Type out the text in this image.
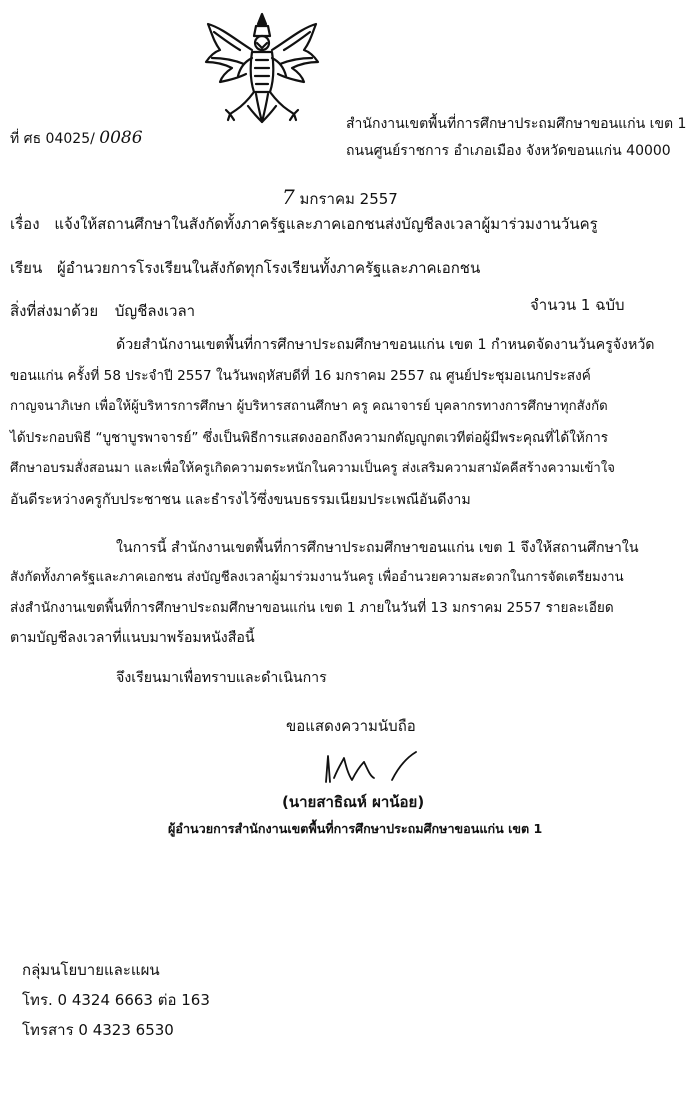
ที่ ศธ 04025/ 0086
สำนักงานเขตพื้นที่การศึกษาประถมศึกษาขอนแก่น เขต 1
ถนนศูนย์ราชการ อำเภอเมือง จังหวัดขอนแก่น 40000
7 มกราคม 2557
เรื่อง แจ้งให้สถานศึกษาในสังกัดทั้งภาครัฐและภาคเอกชนส่งบัญชีลงเวลาผู้มาร่วมงานวันครู
เรียน ผู้อำนวยการโรงเรียนในสังกัดทุกโรงเรียนทั้งภาครัฐและภาคเอกชน
สิ่งที่ส่งมาด้วย บัญชีลงเวลา	จำนวน 1 ฉบับ
ด้วยสำนักงานเขตพื้นที่การศึกษาประถมศึกษาขอนแก่น เขต 1 กำหนดจัดงานวันครูจังหวัด
ขอนแก่น ครั้งที่ 58 ประจำปี 2557 ในวันพฤหัสบดีที่ 16 มกราคม 2557 ณ ศูนย์ประชุมอเนกประสงค์
กาญจนาภิเษก เพื่อให้ผู้บริหารการศึกษา ผู้บริหารสถานศึกษา ครู คณาจารย์ บุคลากรทางการศึกษาทุกสังกัด
ได้ประกอบพิธี “บูชาบูรพาจารย์” ซึ่งเป็นพิธีการแสดงออกถึงความกตัญญูกตเวทีต่อผู้มีพระคุณที่ได้ให้การ
ศึกษาอบรมสั่งสอนมา และเพื่อให้ครูเกิดความตระหนักในความเป็นครู ส่งเสริมความสามัคคีสร้างความเข้าใจ
อันดีระหว่างครูกับประชาชน และธำรงไว้ซึ่งขนบธรรมเนียมประเพณีอันดีงาม
ในการนี้ สำนักงานเขตพื้นที่การศึกษาประถมศึกษาขอนแก่น เขต 1 จึงให้สถานศึกษาใน
สังกัดทั้งภาครัฐและภาคเอกชน ส่งบัญชีลงเวลาผู้มาร่วมงานวันครู เพื่ออำนวยความสะดวกในการจัดเตรียมงาน
ส่งสำนักงานเขตพื้นที่การศึกษาประถมศึกษาขอนแก่น เขต 1 ภายในวันที่ 13 มกราคม 2557 รายละเอียด
ตามบัญชีลงเวลาที่แนบมาพร้อมหนังสือนี้
จึงเรียนมาเพื่อทราบและดำเนินการ
ขอแสดงความนับถือ
(นายสาธิณห์ ผาน้อย)
ผู้อำนวยการสำนักงานเขตพื้นที่การศึกษาประถมศึกษาขอนแก่น เขต 1
กลุ่มนโยบายและแผน
โทร. 0 4324 6663 ต่อ 163
โทรสาร 0 4323 6530
